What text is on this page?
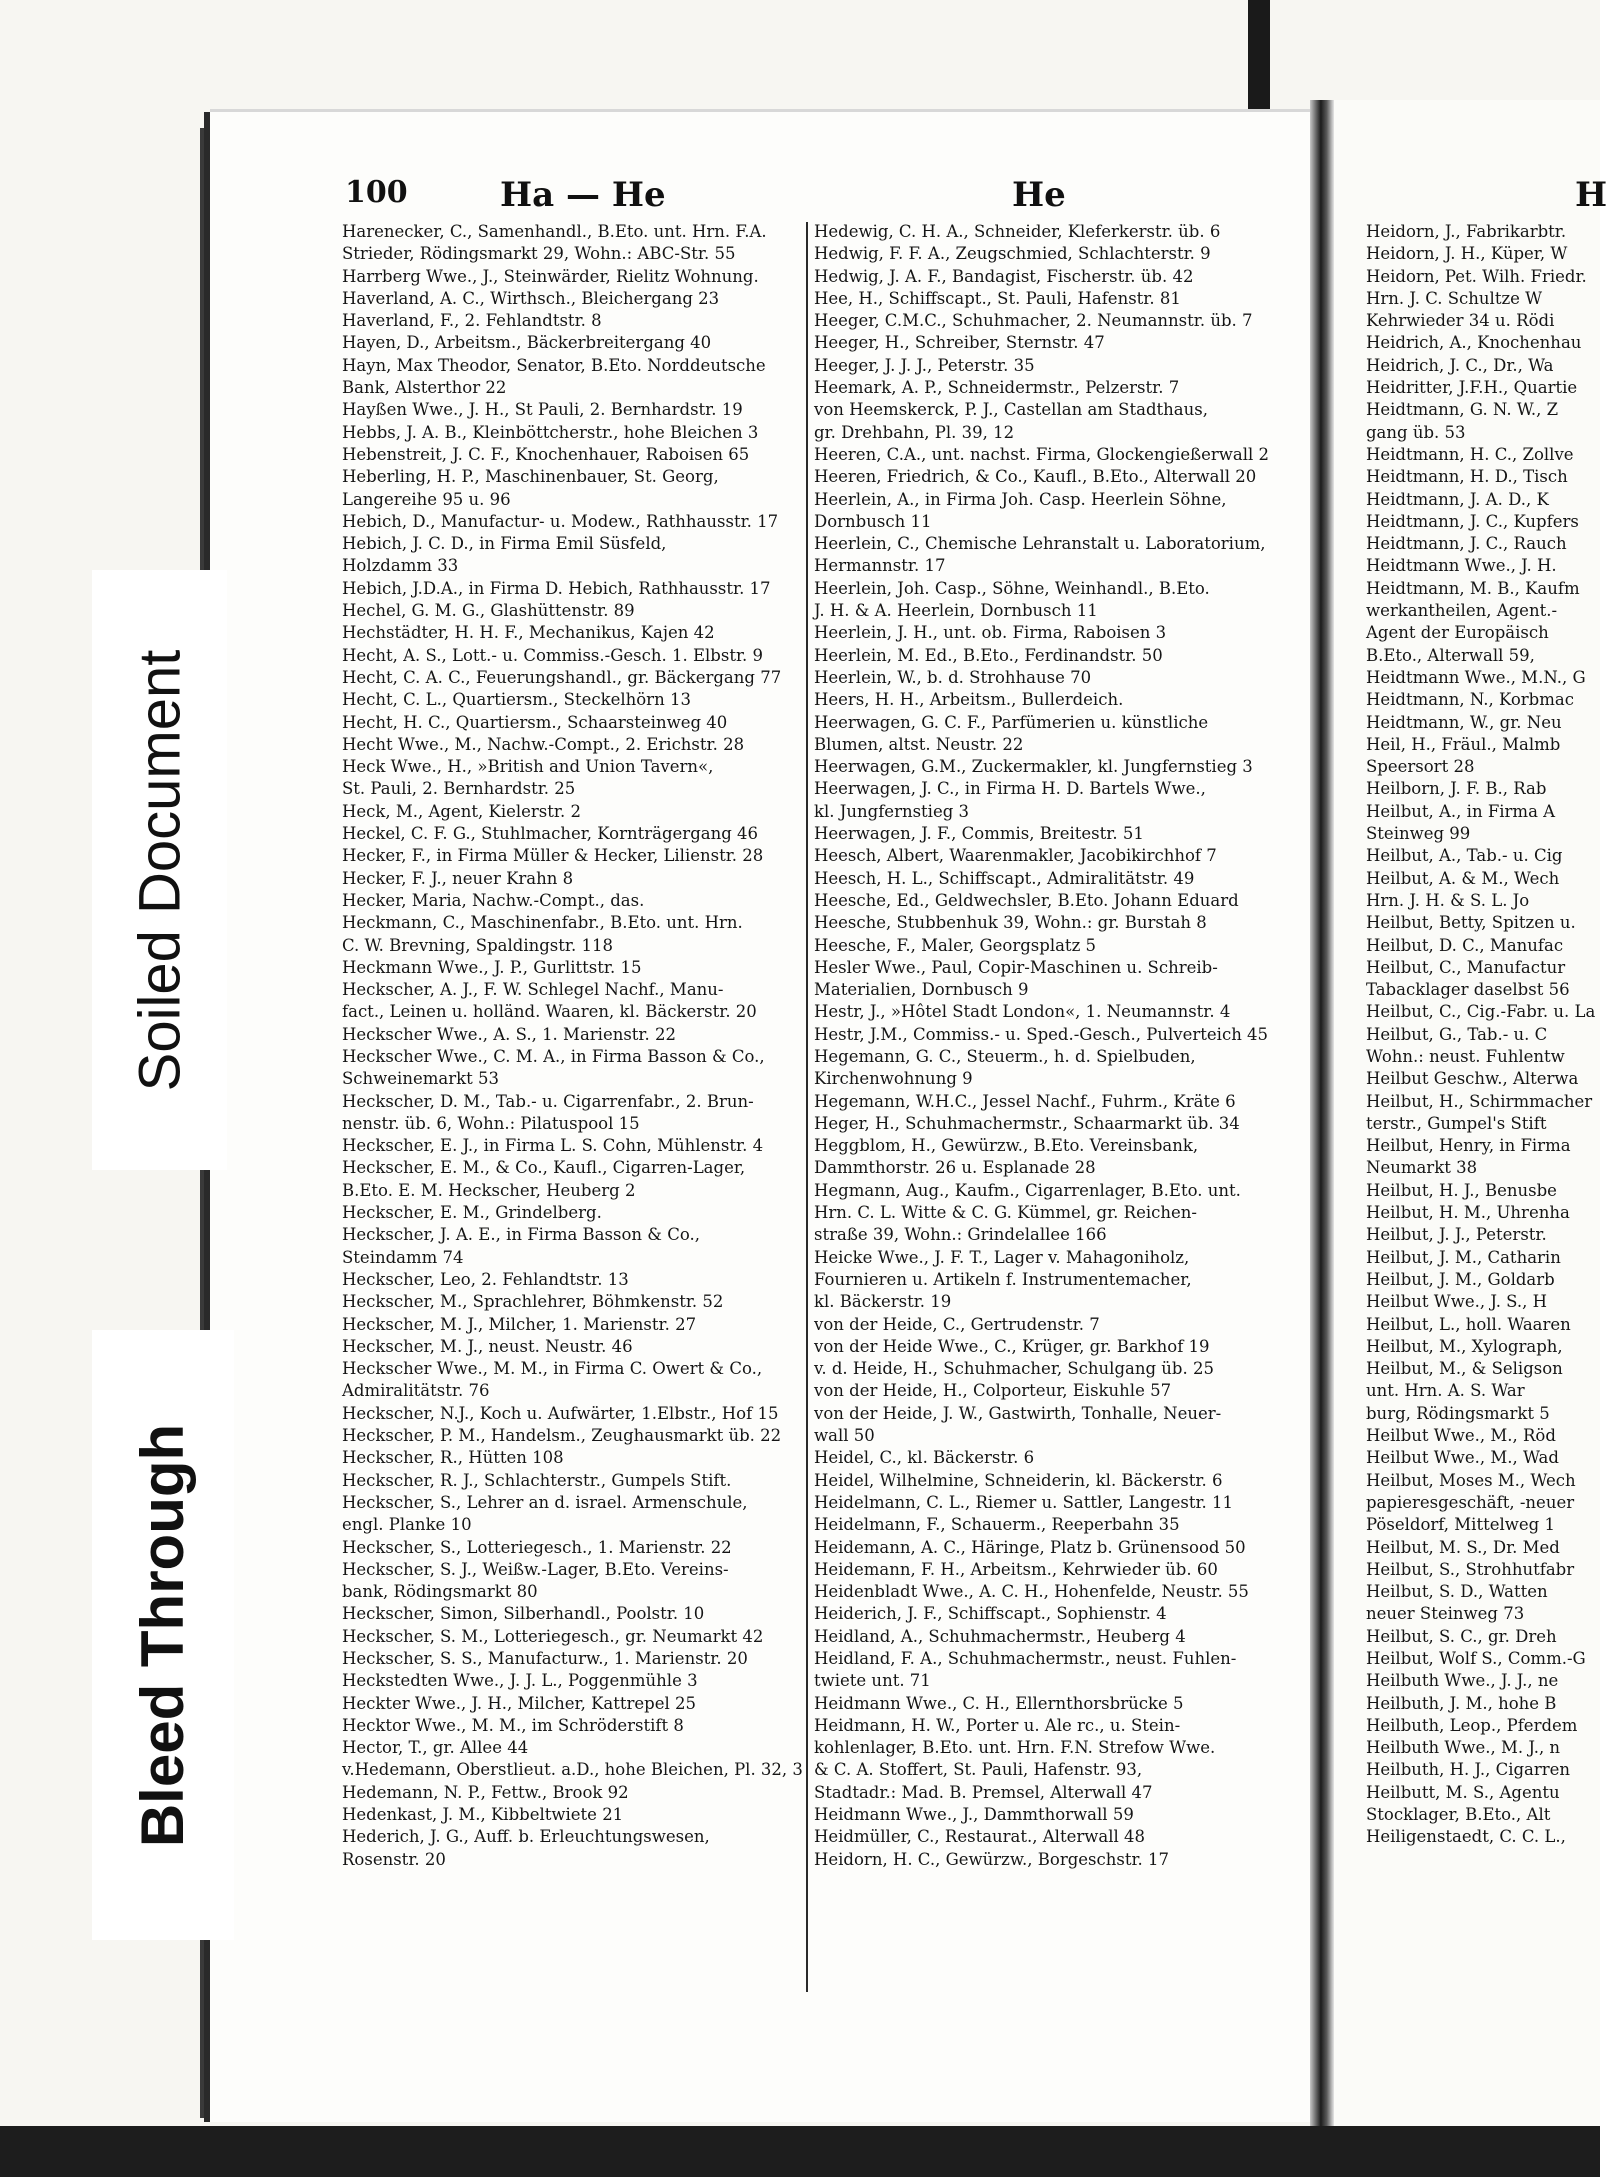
Soiled Document
Bleed Through
100	Ha — He	He	H
Harenecker, C., Samenhandl., B.Eto. unt. Hrn. F.A.
Strieder, Rödingsmarkt 29, Wohn.: ABC-Str. 55
Harrberg Wwe., J., Steinwärder, Rielitz Wohnung.
Haverland, A. C., Wirthsch., Bleichergang 23
Haverland, F., 2. Fehlandtstr. 8
Hayen, D., Arbeitsm., Bäckerbreitergang 40
Hayn, Max Theodor, Senator, B.Eto. Norddeutsche
Bank, Alsterthor 22
Hayßen Wwe., J. H., St Pauli, 2. Bernhardstr. 19
Hebbs, J. A. B., Kleinböttcherstr., hohe Bleichen 3
Hebenstreit, J. C. F., Knochenhauer, Raboisen 65
Heberling, H. P., Maschinenbauer, St. Georg,
Langereihe 95 u. 96
Hebich, D., Manufactur- u. Modew., Rathhausstr. 17
Hebich, J. C. D., in Firma Emil Süsfeld,
Holzdamm 33
Hebich, J.D.A., in Firma D. Hebich, Rathhausstr. 17
Hechel, G. M. G., Glashüttenstr. 89
Hechstädter, H. H. F., Mechanikus, Kajen 42
Hecht, A. S., Lott.- u. Commiss.-Gesch. 1. Elbstr. 9
Hecht, C. A. C., Feuerungshandl., gr. Bäckergang 77
Hecht, C. L., Quartiersm., Steckelhörn 13
Hecht, H. C., Quartiersm., Schaarsteinweg 40
Hecht Wwe., M., Nachw.-Compt., 2. Erichstr. 28
Heck Wwe., H., »British and Union Tavern«,
St. Pauli, 2. Bernhardstr. 25
Heck, M., Agent, Kielerstr. 2
Heckel, C. F. G., Stuhlmacher, Kornträgergang 46
Hecker, F., in Firma Müller & Hecker, Lilienstr. 28
Hecker, F. J., neuer Krahn 8
Hecker, Maria, Nachw.-Compt., das.
Heckmann, C., Maschinenfabr., B.Eto. unt. Hrn.
C. W. Brevning, Spaldingstr. 118
Heckmann Wwe., J. P., Gurlittstr. 15
Heckscher, A. J., F. W. Schlegel Nachf., Manu-
fact., Leinen u. holländ. Waaren, kl. Bäckerstr. 20
Heckscher Wwe., A. S., 1. Marienstr. 22
Heckscher Wwe., C. M. A., in Firma Basson & Co.,
Schweinemarkt 53
Heckscher, D. M., Tab.- u. Cigarrenfabr., 2. Brun-
nenstr. üb. 6, Wohn.: Pilatuspool 15
Heckscher, E. J., in Firma L. S. Cohn, Mühlenstr. 4
Heckscher, E. M., & Co., Kaufl., Cigarren-Lager,
B.Eto. E. M. Heckscher, Heuberg 2
Heckscher, E. M., Grindelberg.
Heckscher, J. A. E., in Firma Basson & Co.,
Steindamm 74
Heckscher, Leo, 2. Fehlandtstr. 13
Heckscher, M., Sprachlehrer, Böhmkenstr. 52
Heckscher, M. J., Milcher, 1. Marienstr. 27
Heckscher, M. J., neust. Neustr. 46
Heckscher Wwe., M. M., in Firma C. Owert & Co.,
Admiralitätstr. 76
Heckscher, N.J., Koch u. Aufwärter, 1.Elbstr., Hof 15
Heckscher, P. M., Handelsm., Zeughausmarkt üb. 22
Heckscher, R., Hütten 108
Heckscher, R. J., Schlachterstr., Gumpels Stift.
Heckscher, S., Lehrer an d. israel. Armenschule,
engl. Planke 10
Heckscher, S., Lotteriegesch., 1. Marienstr. 22
Heckscher, S. J., Weißw.-Lager, B.Eto. Vereins-
bank, Rödingsmarkt 80
Heckscher, Simon, Silberhandl., Poolstr. 10
Heckscher, S. M., Lotteriegesch., gr. Neumarkt 42
Heckscher, S. S., Manufacturw., 1. Marienstr. 20
Heckstedten Wwe., J. J. L., Poggenmühle 3
Heckter Wwe., J. H., Milcher, Kattrepel 25
Hecktor Wwe., M. M., im Schröderstift 8
Hector, T., gr. Allee 44
v.Hedemann, Oberstlieut. a.D., hohe Bleichen, Pl. 32, 3
Hedemann, N. P., Fettw., Brook 92
Hedenkast, J. M., Kibbeltwiete 21
Hederich, J. G., Auff. b. Erleuchtungswesen,
Rosenstr. 20
Hedewig, C. H. A., Schneider, Kleferkerstr. üb. 6
Hedwig, F. F. A., Zeugschmied, Schlachterstr. 9
Hedwig, J. A. F., Bandagist, Fischerstr. üb. 42
Hee, H., Schiffscapt., St. Pauli, Hafenstr. 81
Heeger, C.M.C., Schuhmacher, 2. Neumannstr. üb. 7
Heeger, H., Schreiber, Sternstr. 47
Heeger, J. J. J., Peterstr. 35
Heemark, A. P., Schneidermstr., Pelzerstr. 7
von Heemskerck, P. J., Castellan am Stadthaus,
gr. Drehbahn, Pl. 39, 12
Heeren, C.A., unt. nachst. Firma, Glockengießerwall 2
Heeren, Friedrich, & Co., Kaufl., B.Eto., Alterwall 20
Heerlein, A., in Firma Joh. Casp. Heerlein Söhne,
Dornbusch 11
Heerlein, C., Chemische Lehranstalt u. Laboratorium,
Hermannstr. 17
Heerlein, Joh. Casp., Söhne, Weinhandl., B.Eto.
J. H. & A. Heerlein, Dornbusch 11
Heerlein, J. H., unt. ob. Firma, Raboisen 3
Heerlein, M. Ed., B.Eto., Ferdinandstr. 50
Heerlein, W., b. d. Strohhause 70
Heers, H. H., Arbeitsm., Bullerdeich.
Heerwagen, G. C. F., Parfümerien u. künstliche
Blumen, altst. Neustr. 22
Heerwagen, G.M., Zuckermakler, kl. Jungfernstieg 3
Heerwagen, J. C., in Firma H. D. Bartels Wwe.,
kl. Jungfernstieg 3
Heerwagen, J. F., Commis, Breitestr. 51
Heesch, Albert, Waarenmakler, Jacobikirchhof 7
Heesch, H. L., Schiffscapt., Admiralitätstr. 49
Heesche, Ed., Geldwechsler, B.Eto. Johann Eduard
Heesche, Stubbenhuk 39, Wohn.: gr. Burstah 8
Heesche, F., Maler, Georgsplatz 5
Hesler Wwe., Paul, Copir-Maschinen u. Schreib-
Materialien, Dornbusch 9
Hestr, J., »Hôtel Stadt London«, 1. Neumannstr. 4
Hestr, J.M., Commiss.- u. Sped.-Gesch., Pulverteich 45
Hegemann, G. C., Steuerm., h. d. Spielbuden,
Kirchenwohnung 9
Hegemann, W.H.C., Jessel Nachf., Fuhrm., Kräte 6
Heger, H., Schuhmachermstr., Schaarmarkt üb. 34
Heggblom, H., Gewürzw., B.Eto. Vereinsbank,
Dammthorstr. 26 u. Esplanade 28
Hegmann, Aug., Kaufm., Cigarrenlager, B.Eto. unt.
Hrn. C. L. Witte & C. G. Kümmel, gr. Reichen-
straße 39, Wohn.: Grindelallee 166
Heicke Wwe., J. F. T., Lager v. Mahagoniholz,
Fournieren u. Artikeln f. Instrumentemacher,
kl. Bäckerstr. 19
von der Heide, C., Gertrudenstr. 7
von der Heide Wwe., C., Krüger, gr. Barkhof 19
v. d. Heide, H., Schuhmacher, Schulgang üb. 25
von der Heide, H., Colporteur, Eiskuhle 57
von der Heide, J. W., Gastwirth, Tonhalle, Neuer-
wall 50
Heidel, C., kl. Bäckerstr. 6
Heidel, Wilhelmine, Schneiderin, kl. Bäckerstr. 6
Heidelmann, C. L., Riemer u. Sattler, Langestr. 11
Heidelmann, F., Schauerm., Reeperbahn 35
Heidemann, A. C., Häringe, Platz b. Grünensood 50
Heidemann, F. H., Arbeitsm., Kehrwieder üb. 60
Heidenbladt Wwe., A. C. H., Hohenfelde, Neustr. 55
Heiderich, J. F., Schiffscapt., Sophienstr. 4
Heidland, A., Schuhmachermstr., Heuberg 4
Heidland, F. A., Schuhmachermstr., neust. Fuhlen-
twiete unt. 71
Heidmann Wwe., C. H., Ellernthorsbrücke 5
Heidmann, H. W., Porter u. Ale rc., u. Stein-
kohlenlager, B.Eto. unt. Hrn. F.N. Strefow Wwe.
& C. A. Stoffert, St. Pauli, Hafenstr. 93,
Stadtadr.: Mad. B. Premsel, Alterwall 47
Heidmann Wwe., J., Dammthorwall 59
Heidmüller, C., Restaurat., Alterwall 48
Heidorn, H. C., Gewürzw., Borgeschstr. 17
Heidorn, J., Fabrikarbtr.
Heidorn, J. H., Küper, W
Heidorn, Pet. Wilh. Friedr.
Hrn. J. C. Schultze W
Kehrwieder 34 u. Rödi
Heidrich, A., Knochenhau
Heidrich, J. C., Dr., Wa
Heidritter, J.F.H., Quartie
Heidtmann, G. N. W., Z
gang üb. 53
Heidtmann, H. C., Zollve
Heidtmann, H. D., Tisch
Heidtmann, J. A. D., K
Heidtmann, J. C., Kupfers
Heidtmann, J. C., Rauch
Heidtmann Wwe., J. H.
Heidtmann, M. B., Kaufm
werkantheilen, Agent.-
Agent der Europäisch
B.Eto., Alterwall 59,
Heidtmann Wwe., M.N., G
Heidtmann, N., Korbmac
Heidtmann, W., gr. Neu
Heil, H., Fräul., Malmb
Speersort 28
Heilborn, J. F. B., Rab
Heilbut, A., in Firma A
Steinweg 99
Heilbut, A., Tab.- u. Cig
Heilbut, A. & M., Wech
Hrn. J. H. & S. L. Jo
Heilbut, Betty, Spitzen u.
Heilbut, D. C., Manufac
Heilbut, C., Manufactur
Tabacklager daselbst 56
Heilbut, C., Cig.-Fabr. u. La
Heilbut, G., Tab.- u. C
Wohn.: neust. Fuhlentw
Heilbut Geschw., Alterwa
Heilbut, H., Schirmmacher
terstr., Gumpel's Stift
Heilbut, Henry, in Firma
Neumarkt 38
Heilbut, H. J., Benusbe
Heilbut, H. M., Uhrenha
Heilbut, J. J., Peterstr.
Heilbut, J. M., Catharin
Heilbut, J. M., Goldarb
Heilbut Wwe., J. S., H
Heilbut, L., holl. Waaren
Heilbut, M., Xylograph,
Heilbut, M., & Seligson
unt. Hrn. A. S. War
burg, Rödingsmarkt 5
Heilbut Wwe., M., Röd
Heilbut Wwe., M., Wad
Heilbut, Moses M., Wech
papieresgeschäft, -neuer
Pöseldorf, Mittelweg 1
Heilbut, M. S., Dr. Med
Heilbut, S., Strohhutfabr
Heilbut, S. D., Watten
neuer Steinweg 73
Heilbut, S. C., gr. Dreh
Heilbut, Wolf S., Comm.-G
Heilbuth Wwe., J. J., ne
Heilbuth, J. M., hohe B
Heilbuth, Leop., Pferdem
Heilbuth Wwe., M. J., n
Heilbuth, H. J., Cigarren
Heilbutt, M. S., Agentu
Stocklager, B.Eto., Alt
Heiligenstaedt, C. C. L.,
